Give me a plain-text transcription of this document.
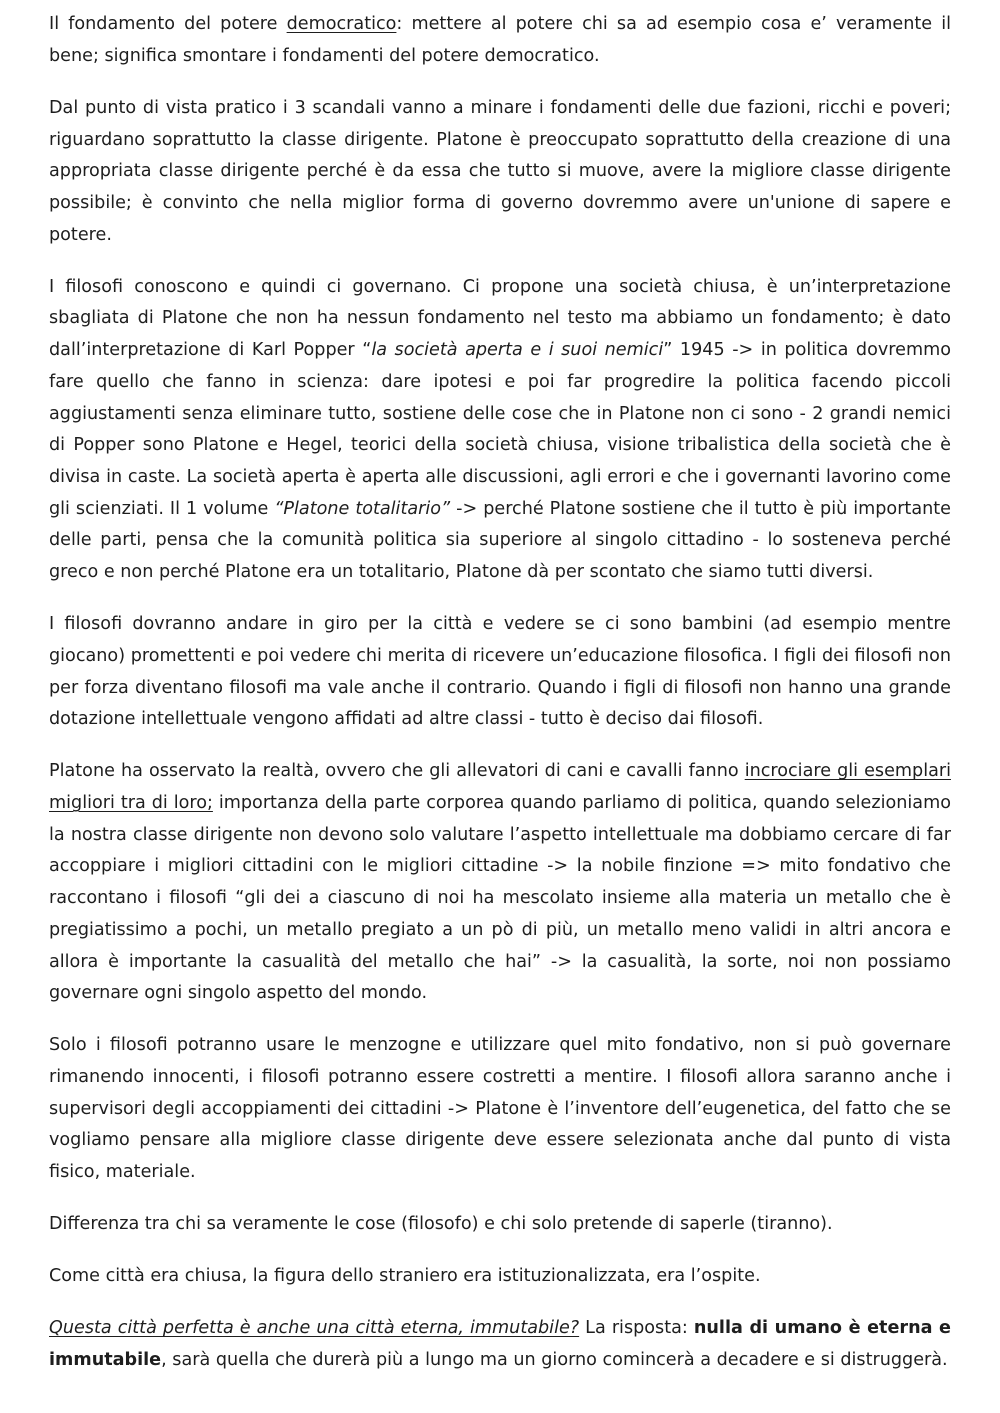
Il fondamento del potere democratico: mettere al potere chi sa ad esempio cosa e’ veramente il bene; significa smontare i fondamenti del potere democratico.

Dal punto di vista pratico i 3 scandali vanno a minare i fondamenti delle due fazioni, ricchi e poveri; riguardano soprattutto la classe dirigente. Platone è preoccupato soprattutto della creazione di una appropriata classe dirigente perché è da essa che tutto si muove, avere la migliore classe dirigente possibile; è convinto che nella miglior forma di governo dovremmo avere un'unione di sapere e potere.

I filosofi conoscono e quindi ci governano. Ci propone una società chiusa, è un’interpretazione sbagliata di Platone che non ha nessun fondamento nel testo ma abbiamo un fondamento; è dato dall’interpretazione di Karl Popper “la società aperta e i suoi nemici” 1945 -> in politica dovremmo fare quello che fanno in scienza: dare ipotesi e poi far progredire la politica facendo piccoli aggiustamenti senza eliminare tutto, sostiene delle cose che in Platone non ci sono - 2 grandi nemici di Popper sono Platone e Hegel, teorici della società chiusa, visione tribalistica della società che è divisa in caste. La società aperta è aperta alle discussioni, agli errori e che i governanti lavorino come gli scienziati. Il 1 volume “Platone totalitario” -> perché Platone sostiene che il tutto è più importante delle parti, pensa che la comunità politica sia superiore al singolo cittadino - lo sosteneva perché greco e non perché Platone era un totalitario, Platone dà per scontato che siamo tutti diversi.

I filosofi dovranno andare in giro per la città e vedere se ci sono bambini (ad esempio mentre giocano) promettenti e poi vedere chi merita di ricevere un’educazione filosofica. I figli dei filosofi non per forza diventano filosofi ma vale anche il contrario. Quando i figli di filosofi non hanno una grande dotazione intellettuale vengono affidati ad altre classi - tutto è deciso dai filosofi.

Platone ha osservato la realtà, ovvero che gli allevatori di cani e cavalli fanno incrociare gli esemplari migliori tra di loro; importanza della parte corporea quando parliamo di politica, quando selezioniamo la nostra classe dirigente non devono solo valutare l’aspetto intellettuale ma dobbiamo cercare di far accoppiare i migliori cittadini con le migliori cittadine -> la nobile finzione => mito fondativo che raccontano i filosofi “gli dei a ciascuno di noi ha mescolato insieme alla materia un metallo che è pregiatissimo a pochi, un metallo pregiato a un pò di più, un metallo meno validi in altri ancora e allora è importante la casualità del metallo che hai” -> la casualità, la sorte, noi non possiamo governare ogni singolo aspetto del mondo.

Solo i filosofi potranno usare le menzogne e utilizzare quel mito fondativo, non si può governare rimanendo innocenti, i filosofi potranno essere costretti a mentire. I filosofi allora saranno anche i supervisori degli accoppiamenti dei cittadini -> Platone è l’inventore dell’eugenetica, del fatto che se vogliamo pensare alla migliore classe dirigente deve essere selezionata anche dal punto di vista fisico, materiale.

Differenza tra chi sa veramente le cose (filosofo) e chi solo pretende di saperle (tiranno).

Come città era chiusa, la figura dello straniero era istituzionalizzata, era l’ospite.

Questa città perfetta è anche una città eterna, immutabile? La risposta: nulla di umano è eterna e immutabile, sarà quella che durerà più a lungo ma un giorno comincerà a decadere e si distruggerà.
